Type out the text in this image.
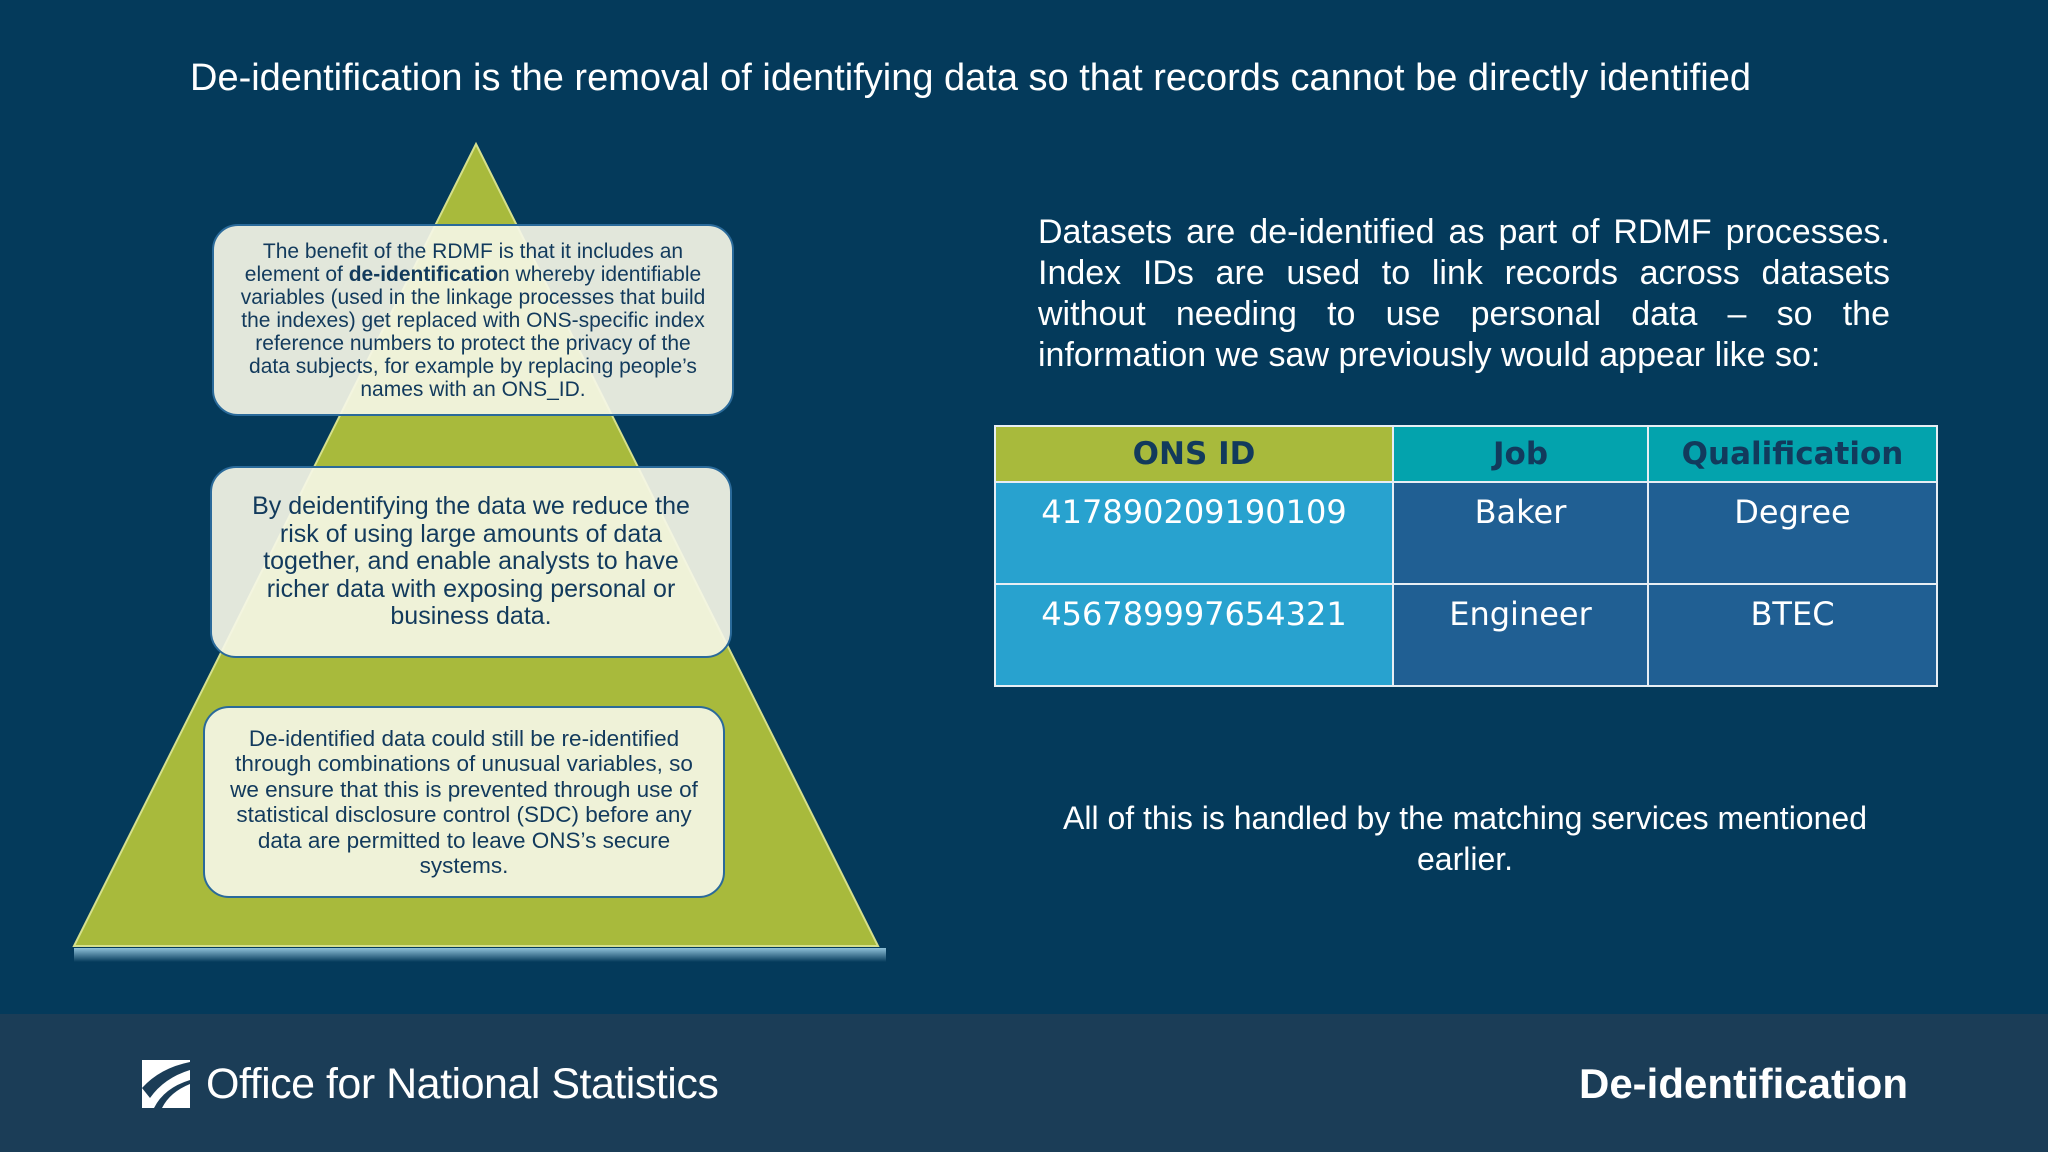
De-identification is the removal of identifying data so that records cannot be directly identified
The benefit of the RDMF is that it includes an element of de-identification whereby identifiable variables (used in the linkage processes that build the indexes) get replaced with ONS-specific index reference numbers to protect the privacy of the data subjects, for example by replacing people’s names with an ONS_ID.
By deidentifying the data we reduce the risk of using large amounts of data together, and enable analysts to have richer data with exposing personal or business data.
De-identified data could still be re-identified through combinations of unusual variables, so we ensure that this is prevented through use of statistical disclosure control (SDC) before any data are permitted to leave ONS’s secure systems.
Datasets are de-identified as part of RDMF processes. Index IDs are used to link records across datasets without needing to use personal data – so the information we saw previously would appear like so:
ONS ID	Job	Qualification
417890209190109	Baker	Degree
456789997654321	Engineer	BTEC
All of this is handled by the matching services mentioned earlier.
Office for National Statistics	De-identification
